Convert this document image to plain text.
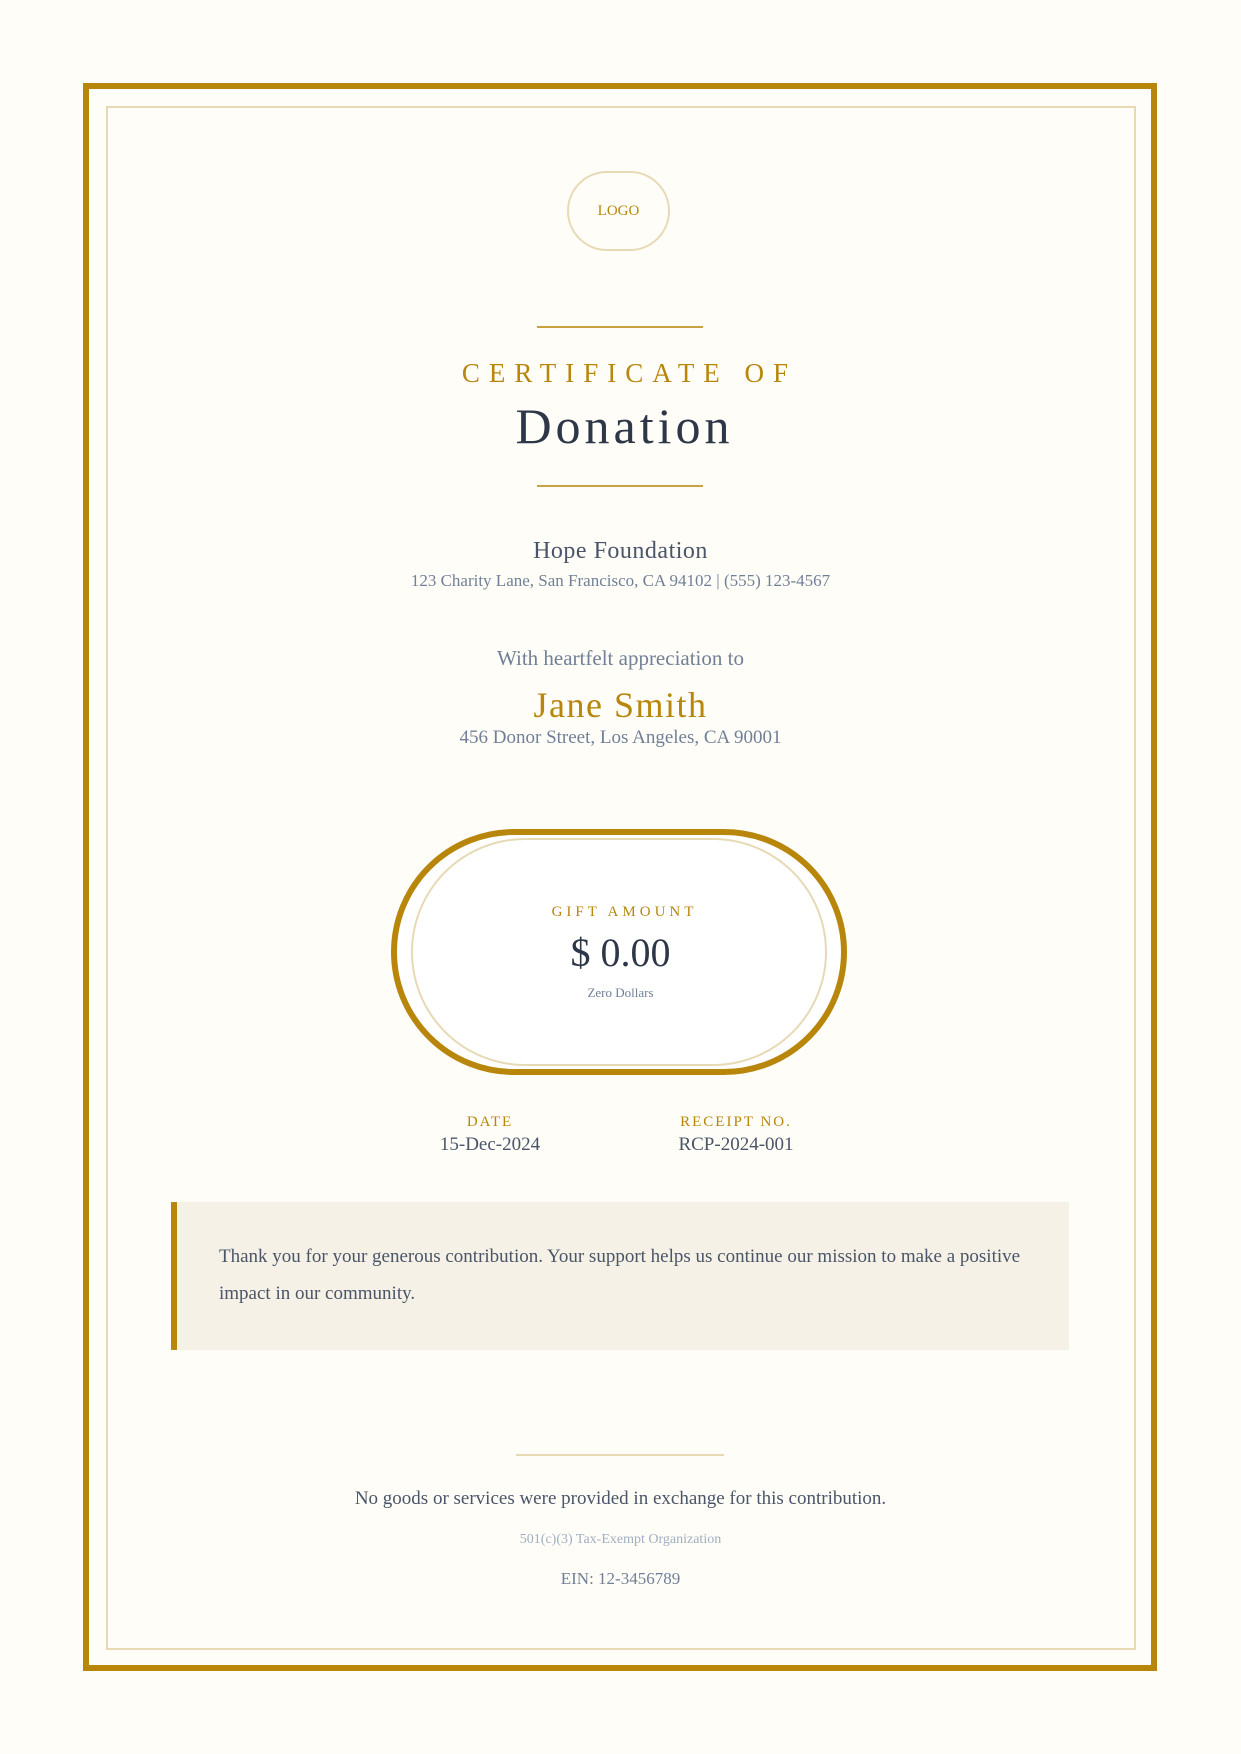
LOGO
CERTIFICATE OF
Donation
Hope Foundation
123 Charity Lane, San Francisco, CA 94102 | (555) 123-4567
With heartfelt appreciation to
Jane Smith
456 Donor Street, Los Angeles, CA 90001
GIFT AMOUNT
$ 0.00
Zero Dollars
DATE
15-Dec-2024
RECEIPT NO.
RCP-2024-001
Thank you for your generous contribution. Your support helps us continue our mission to make a positive impact in our community.
No goods or services were provided in exchange for this contribution.
501(c)(3) Tax-Exempt Organization
EIN: 12-3456789
